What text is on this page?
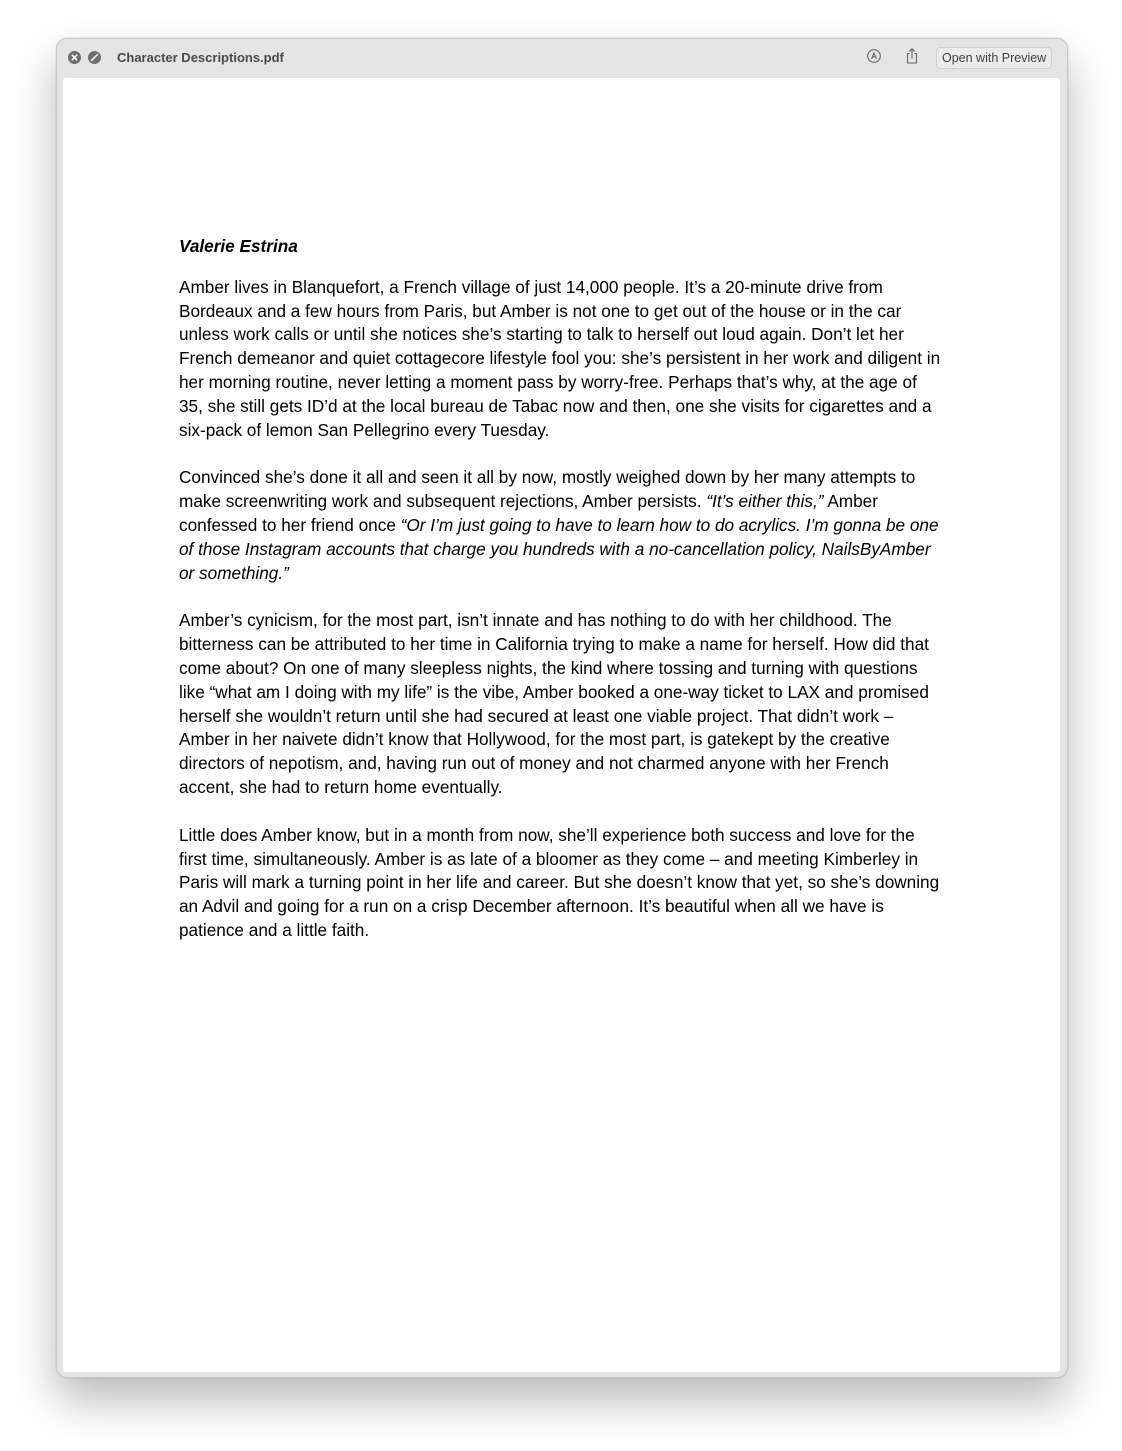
Character Descriptions.pdf	Open with Preview
Valerie Estrina

Amber lives in Blanquefort, a French village of just 14,000 people. It’s a 20-minute drive from Bordeaux and a few hours from Paris, but Amber is not one to get out of the house or in the car unless work calls or until she notices she’s starting to talk to herself out loud again. Don’t let her French demeanor and quiet cottagecore lifestyle fool you: she’s persistent in her work and diligent in her morning routine, never letting a moment pass by worry-free. Perhaps that’s why, at the age of 35, she still gets ID’d at the local bureau de Tabac now and then, one she visits for cigarettes and a six-pack of lemon San Pellegrino every Tuesday.

Convinced she’s done it all and seen it all by now, mostly weighed down by her many attempts to make screenwriting work and subsequent rejections, Amber persists. “It’s either this,” Amber confessed to her friend once “Or I’m just going to have to learn how to do acrylics. I’m gonna be one of those Instagram accounts that charge you hundreds with a no-cancellation policy, NailsByAmber or something.”

Amber’s cynicism, for the most part, isn’t innate and has nothing to do with her childhood. The bitterness can be attributed to her time in California trying to make a name for herself. How did that come about? On one of many sleepless nights, the kind where tossing and turning with questions like “what am I doing with my life” is the vibe, Amber booked a one-way ticket to LAX and promised herself she wouldn’t return until she had secured at least one viable project. That didn’t work – Amber in her naivete didn’t know that Hollywood, for the most part, is gatekept by the creative directors of nepotism, and, having run out of money and not charmed anyone with her French accent, she had to return home eventually.

Little does Amber know, but in a month from now, she’ll experience both success and love for the first time, simultaneously. Amber is as late of a bloomer as they come – and meeting Kimberley in Paris will mark a turning point in her life and career. But she doesn’t know that yet, so she’s downing an Advil and going for a run on a crisp December afternoon. It’s beautiful when all we have is patience and a little faith.
